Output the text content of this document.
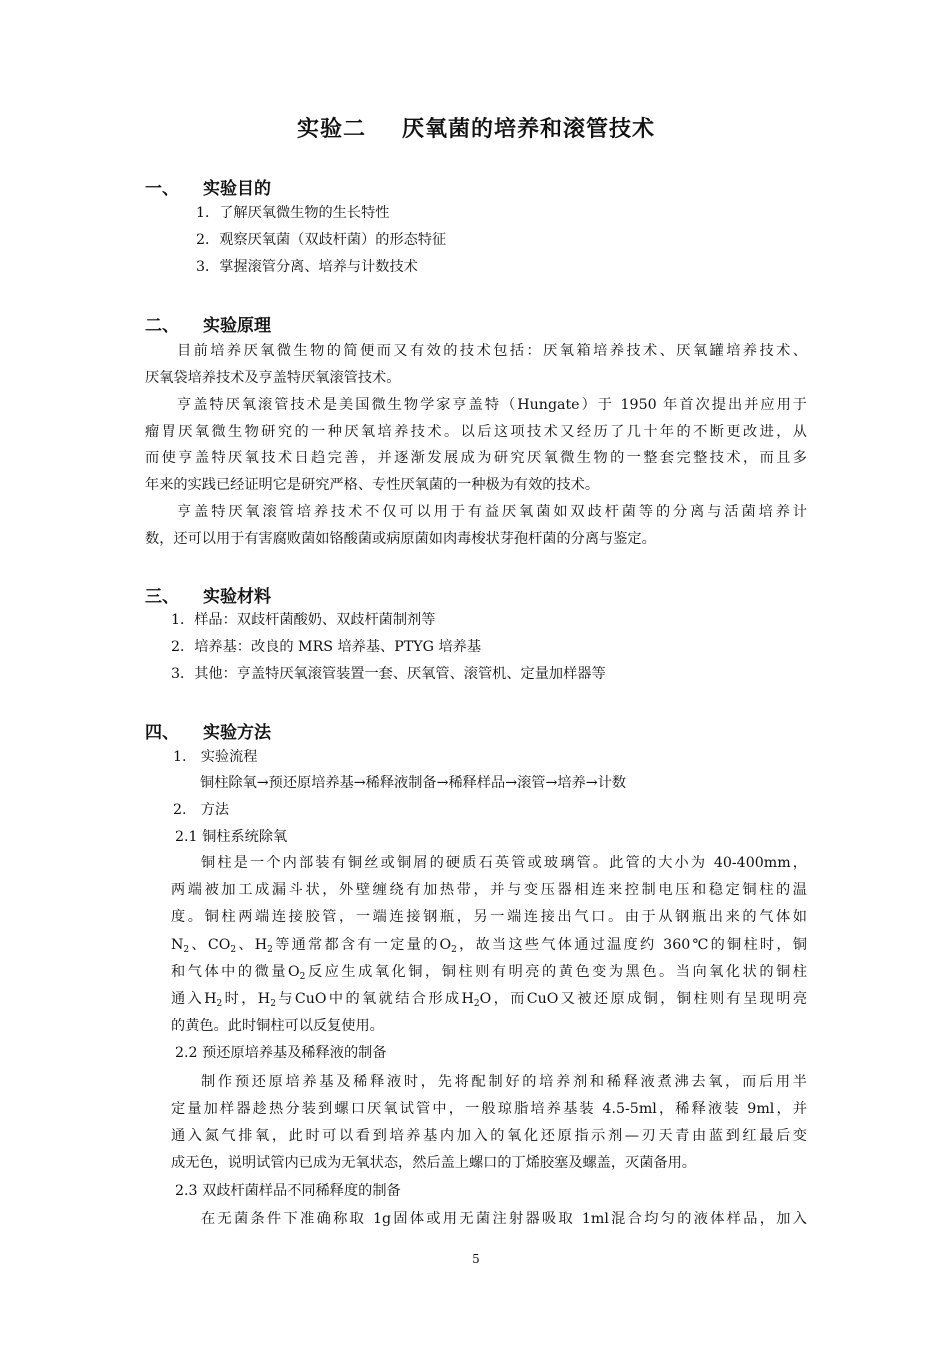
实验二 厌氧菌的培养和滚管技术
一、 实验目的
1．了解厌氧微生物的生长特性
2．观察厌氧菌（双歧杆菌）的形态特征
3．掌握滚管分离、培养与计数技术
二、 实验原理
目前培养厌氧微生物的简便而又有效的技术包括：厌氧箱培养技术、厌氧罐培养技术、
厌氧袋培养技术及亨盖特厌氧滚管技术。
亨盖特厌氧滚管技术是美国微生物学家亨盖特（Hungate）于 1950 年首次提出并应用于
瘤胃厌氧微生物研究的一种厌氧培养技术。以后这项技术又经历了几十年的不断更改进，从
而使亨盖特厌氧技术日趋完善，并逐渐发展成为研究厌氧微生物的一整套完整技术，而且多
年来的实践已经证明它是研究严格、专性厌氧菌的一种极为有效的技术。
亨盖特厌氧滚管培养技术不仅可以用于有益厌氧菌如双歧杆菌等的分离与活菌培养计
数，还可以用于有害腐败菌如铬酸菌或病原菌如肉毒梭状芽孢杆菌的分离与鉴定。
三、 实验材料
1．样品：双歧杆菌酸奶、双歧杆菌制剂等
2．培养基：改良的 MRS 培养基、PTYG 培养基
3．其他：亨盖特厌氧滚管装置一套、厌氧管、滚管机、定量加样器等
四、 实验方法
1.　实验流程
铜柱除氧→预还原培养基→稀释液制备→稀释样品→滚管→培养→计数
2.　方法
2.1 铜柱系统除氧
铜柱是一个内部装有铜丝或铜屑的硬质石英管或玻璃管。此管的大小为 40-400mm，
两端被加工成漏斗状，外壁缠绕有加热带，并与变压器相连来控制电压和稳定铜柱的温
度。铜柱两端连接胶管，一端连接钢瓶，另一端连接出气口。由于从钢瓶出来的气体如
$N_2$、$CO_2$、$H_2$等通常都含有一定量的$O_2$，故当这些气体通过温度约 360℃的铜柱时，铜
和气体中的微量$O_2$反应生成氧化铜，铜柱则有明亮的黄色变为黑色。当向氧化状的铜柱
通入$H_2$时，$H_2$与CuO中的氧就结合形成$H_2O$，而CuO又被还原成铜，铜柱则有呈现明亮
的黄色。此时铜柱可以反复使用。
2.2 预还原培养基及稀释液的制备
制作预还原培养基及稀释液时，先将配制好的培养剂和稀释液煮沸去氧，而后用半
定量加样器趁热分装到螺口厌氧试管中，一般琼脂培养基装 4.5-5ml，稀释液装 9ml，并
通入氮气排氧，此时可以看到培养基内加入的氧化还原指示剂—刃天青由蓝到红最后变
成无色，说明试管内已成为无氧状态，然后盖上螺口的丁烯胶塞及螺盖，灭菌备用。
2.3 双歧杆菌样品不同稀释度的制备
在无菌条件下准确称取 1g固体或用无菌注射器吸取 1ml混合均匀的液体样品，加入
5
